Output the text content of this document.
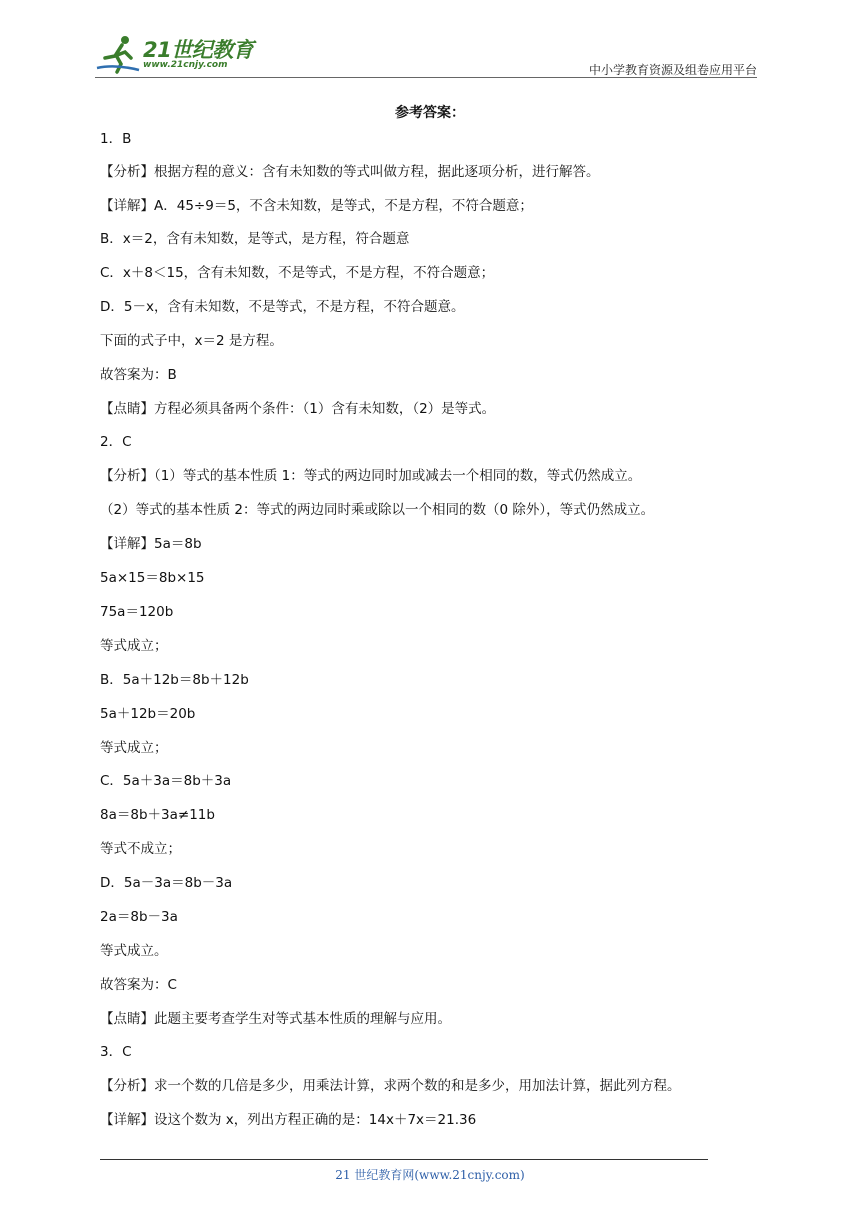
21世纪教育
www.21cnjy.com	中小学教育资源及组卷应用平台
参考答案：
1．B
【分析】根据方程的意义：含有未知数的等式叫做方程，据此逐项分析，进行解答。
【详解】A．45÷9＝5，不含未知数，是等式，不是方程，不符合题意；
B．x＝2，含有未知数，是等式，是方程，符合题意
C．x＋8＜15，含有未知数，不是等式，不是方程，不符合题意；
D．5－x，含有未知数，不是等式，不是方程，不符合题意。
下面的式子中，x＝2 是方程。
故答案为：B
【点睛】方程必须具备两个条件：（1）含有未知数，（2）是等式。
2．C
【分析】（1）等式的基本性质 1：等式的两边同时加或减去一个相同的数，等式仍然成立。
（2）等式的基本性质 2：等式的两边同时乘或除以一个相同的数（0 除外），等式仍然成立。
【详解】5a＝8b
5a×15＝8b×15
75a＝120b
等式成立；
B．5a＋12b＝8b＋12b
5a＋12b＝20b
等式成立；
C．5a＋3a＝8b＋3a
8a＝8b＋3a≠11b
等式不成立；
D．5a－3a＝8b－3a
2a＝8b－3a
等式成立。
故答案为：C
【点睛】此题主要考查学生对等式基本性质的理解与应用。
3．C
【分析】求一个数的几倍是多少，用乘法计算，求两个数的和是多少，用加法计算，据此列方程。
【详解】设这个数为 x，列出方程正确的是：14x＋7x＝21.36
21 世纪教育网(www.21cnjy.com)
